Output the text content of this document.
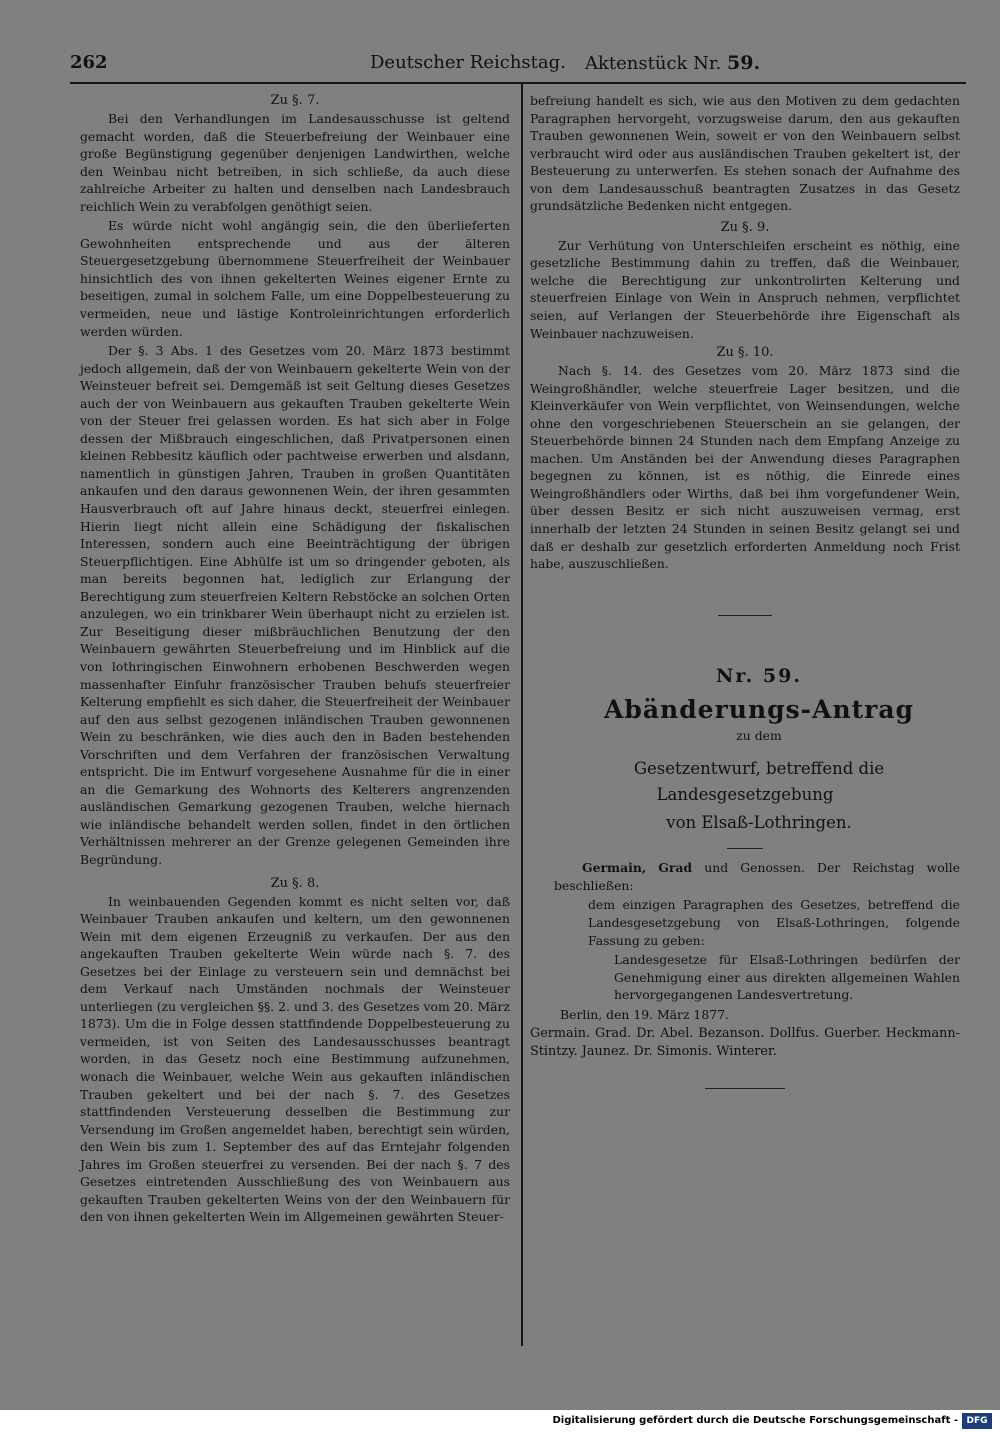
262	Deutscher Reichstag. Aktenstück Nr. 59.
Zu §. 7.

Bei den Verhandlungen im Landesausschusse ist geltend gemacht worden, daß die Steuerbefreiung der Weinbauer eine große Begünstigung gegenüber denjenigen Landwirthen, welche den Weinbau nicht betreiben, in sich schließe, da auch diese zahlreiche Arbeiter zu halten und denselben nach Landesbrauch reichlich Wein zu verabfolgen genöthigt seien.

Es würde nicht wohl angängig sein, die den überlieferten Gewohnheiten entsprechende und aus der älteren Steuergesetzgebung übernommene Steuerfreiheit der Weinbauer hinsichtlich des von ihnen gekelterten Weines eigener Ernte zu beseitigen, zumal in solchem Falle, um eine Doppelbesteuerung zu vermeiden, neue und lästige Kontroleinrichtungen erforderlich werden würden.

Der §. 3 Abs. 1 des Gesetzes vom 20. März 1873 bestimmt jedoch allgemein, daß der von Weinbauern gekelterte Wein von der Weinsteuer befreit sei. Demgemäß ist seit Geltung dieses Gesetzes auch der von Weinbauern aus gekauften Trauben gekelterte Wein von der Steuer frei gelassen worden. Es hat sich aber in Folge dessen der Mißbrauch eingeschlichen, daß Privatpersonen einen kleinen Rebbesitz käuflich oder pachtweise erwerben und alsdann, namentlich in günstigen Jahren, Trauben in großen Quantitäten ankaufen und den daraus gewonnenen Wein, der ihren gesammten Hausverbrauch oft auf Jahre hinaus deckt, steuerfrei einlegen. Hierin liegt nicht allein eine Schädigung der fiskalischen Interessen, sondern auch eine Beeinträchtigung der übrigen Steuerpflichtigen. Eine Abhülfe ist um so dringender geboten, als man bereits begonnen hat, lediglich zur Erlangung der Berechtigung zum steuerfreien Keltern Rebstöcke an solchen Orten anzulegen, wo ein trinkbarer Wein überhaupt nicht zu erzielen ist. Zur Beseitigung dieser mißbräuchlichen Benutzung der den Weinbauern gewährten Steuerbefreiung und im Hinblick auf die von lothringischen Einwohnern erhobenen Beschwerden wegen massenhafter Einfuhr französischer Trauben behufs steuerfreier Kelterung empfiehlt es sich daher, die Steuerfreiheit der Weinbauer auf den aus selbst gezogenen inländischen Trauben gewonnenen Wein zu beschränken, wie dies auch den in Baden bestehenden Vorschriften und dem Verfahren der französischen Verwaltung entspricht. Die im Entwurf vorgesehene Ausnahme für die in einer an die Gemarkung des Wohnorts des Kelterers angrenzenden ausländischen Gemarkung gezogenen Trauben, welche hiernach wie inländische behandelt werden sollen, findet in den örtlichen Verhältnissen mehrerer an der Grenze gelegenen Gemeinden ihre Begründung.

Zu §. 8.

In weinbauenden Gegenden kommt es nicht selten vor, daß Weinbauer Trauben ankaufen und keltern, um den gewonnenen Wein mit dem eigenen Erzeugniß zu verkaufen. Der aus den angekauften Trauben gekelterte Wein würde nach §. 7. des Gesetzes bei der Einlage zu versteuern sein und demnächst bei dem Verkauf nach Umständen nochmals der Weinsteuer unterliegen (zu vergleichen §§. 2. und 3. des Gesetzes vom 20. März 1873). Um die in Folge dessen stattfindende Doppelbesteuerung zu vermeiden, ist von Seiten des Landesausschusses beantragt worden, in das Gesetz noch eine Bestimmung aufzunehmen, wonach die Weinbauer, welche Wein aus gekauften inländischen Trauben gekeltert und bei der nach §. 7. des Gesetzes stattfindenden Versteuerung desselben die Bestimmung zur Versendung im Großen angemeldet haben, berechtigt sein würden, den Wein bis zum 1. September des auf das Erntejahr folgenden Jahres im Großen steuerfrei zu versenden. Bei der nach §. 7 des Gesetzes eintretenden Ausschließung des von Weinbauern aus gekauften Trauben gekelterten Weins von der den Weinbauern für den von ihnen gekelterten Wein im Allgemeinen gewährten Steuer-

befreiung handelt es sich, wie aus den Motiven zu dem gedachten Paragraphen hervorgeht, vorzugsweise darum, den aus gekauften Trauben gewonnenen Wein, soweit er von den Weinbauern selbst verbraucht wird oder aus ausländischen Trauben gekeltert ist, der Besteuerung zu unterwerfen. Es stehen sonach der Aufnahme des von dem Landesausschuß beantragten Zusatzes in das Gesetz grundsätzliche Bedenken nicht entgegen.

Zu §. 9.

Zur Verhütung von Unterschleifen erscheint es nöthig, eine gesetzliche Bestimmung dahin zu treffen, daß die Weinbauer, welche die Berechtigung zur unkontrolirten Kelterung und steuerfreien Einlage von Wein in Anspruch nehmen, verpflichtet seien, auf Verlangen der Steuerbehörde ihre Eigenschaft als Weinbauer nachzuweisen.

Zu §. 10.

Nach §. 14. des Gesetzes vom 20. März 1873 sind die Weingroßhändler, welche steuerfreie Lager besitzen, und die Kleinverkäufer von Wein verpflichtet, von Weinsendungen, welche ohne den vorgeschriebenen Steuerschein an sie gelangen, der Steuerbehörde binnen 24 Stunden nach dem Empfang Anzeige zu machen. Um Anständen bei der Anwendung dieses Paragraphen begegnen zu können, ist es nöthig, die Einrede eines Weingroßhändlers oder Wirths, daß bei ihm vorgefundener Wein, über dessen Besitz er sich nicht auszuweisen vermag, erst innerhalb der letzten 24 Stunden in seinen Besitz gelangt sei und daß er deshalb zur gesetzlich erforderten Anmeldung noch Frist habe, auszuschließen.

Nr. 59.

Abänderungs-Antrag

zu dem

Gesetzentwurf, betreffend die Landesgesetzgebung

von Elsaß-Lothringen.

Germain, Grad und Genossen. Der Reichstag wolle beschließen:

dem einzigen Paragraphen des Gesetzes, betreffend die Landesgesetzgebung von Elsaß-Lothringen, folgende Fassung zu geben:

Landesgesetze für Elsaß-Lothringen bedürfen der Genehmigung einer aus direkten allgemeinen Wahlen hervorgegangenen Landesvertretung.

Berlin, den 19. März 1877.

Germain. Grad. Dr. Abel. Bezanson. Dollfus. Guerber. Heckmann-Stintzy. Jaunez. Dr. Simonis. Winterer.

Digitalisierung gefördert durch die Deutsche Forschungsgemeinschaft - DFG
